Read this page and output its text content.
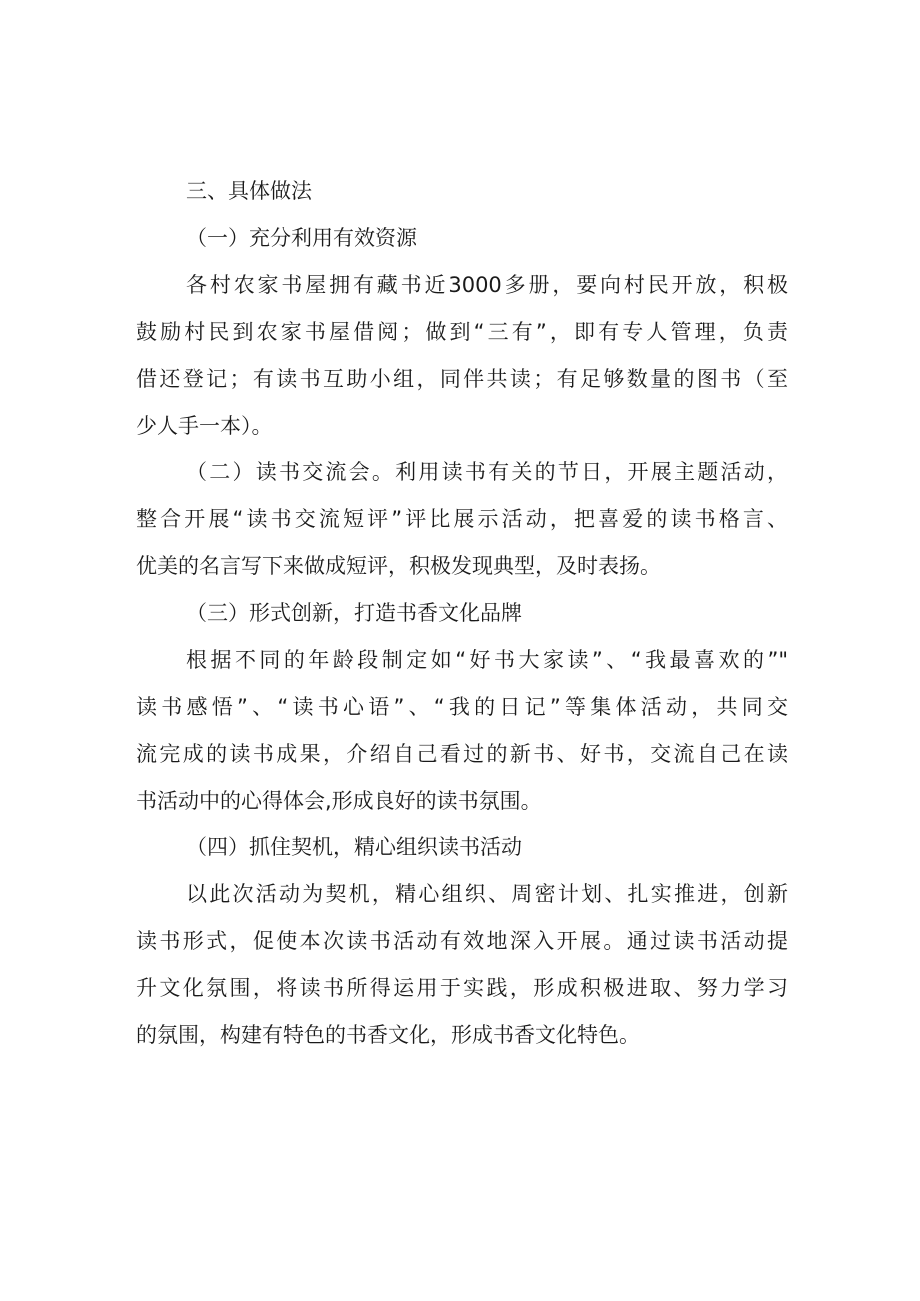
三、具体做法
（一）充分利用有效资源
各村农家书屋拥有藏书近3000多册，要向村民开放，积极
鼓励村民到农家书屋借阅；做到“三有”，即有专人管理，负责
借还登记；有读书互助小组，同伴共读；有足够数量的图书（至
少人手一本）。
（二）读书交流会。利用读书有关的节日，开展主题活动，
整合开展“读书交流短评”评比展示活动，把喜爱的读书格言、
优美的名言写下来做成短评，积极发现典型，及时表扬。
（三）形式创新，打造书香文化品牌
根据不同的年龄段制定如“好书大家读”、“我最喜欢的”"
读书感悟”、“读书心语”、“我的日记”等集体活动，共同交
流完成的读书成果，介绍自己看过的新书、好书，交流自己在读
书活动中的心得体会,形成良好的读书氛围。
（四）抓住契机，精心组织读书活动
以此次活动为契机，精心组织、周密计划、扎实推进，创新
读书形式，促使本次读书活动有效地深入开展。通过读书活动提
升文化氛围，将读书所得运用于实践，形成积极进取、努力学习
的氛围，构建有特色的书香文化，形成书香文化特色。
